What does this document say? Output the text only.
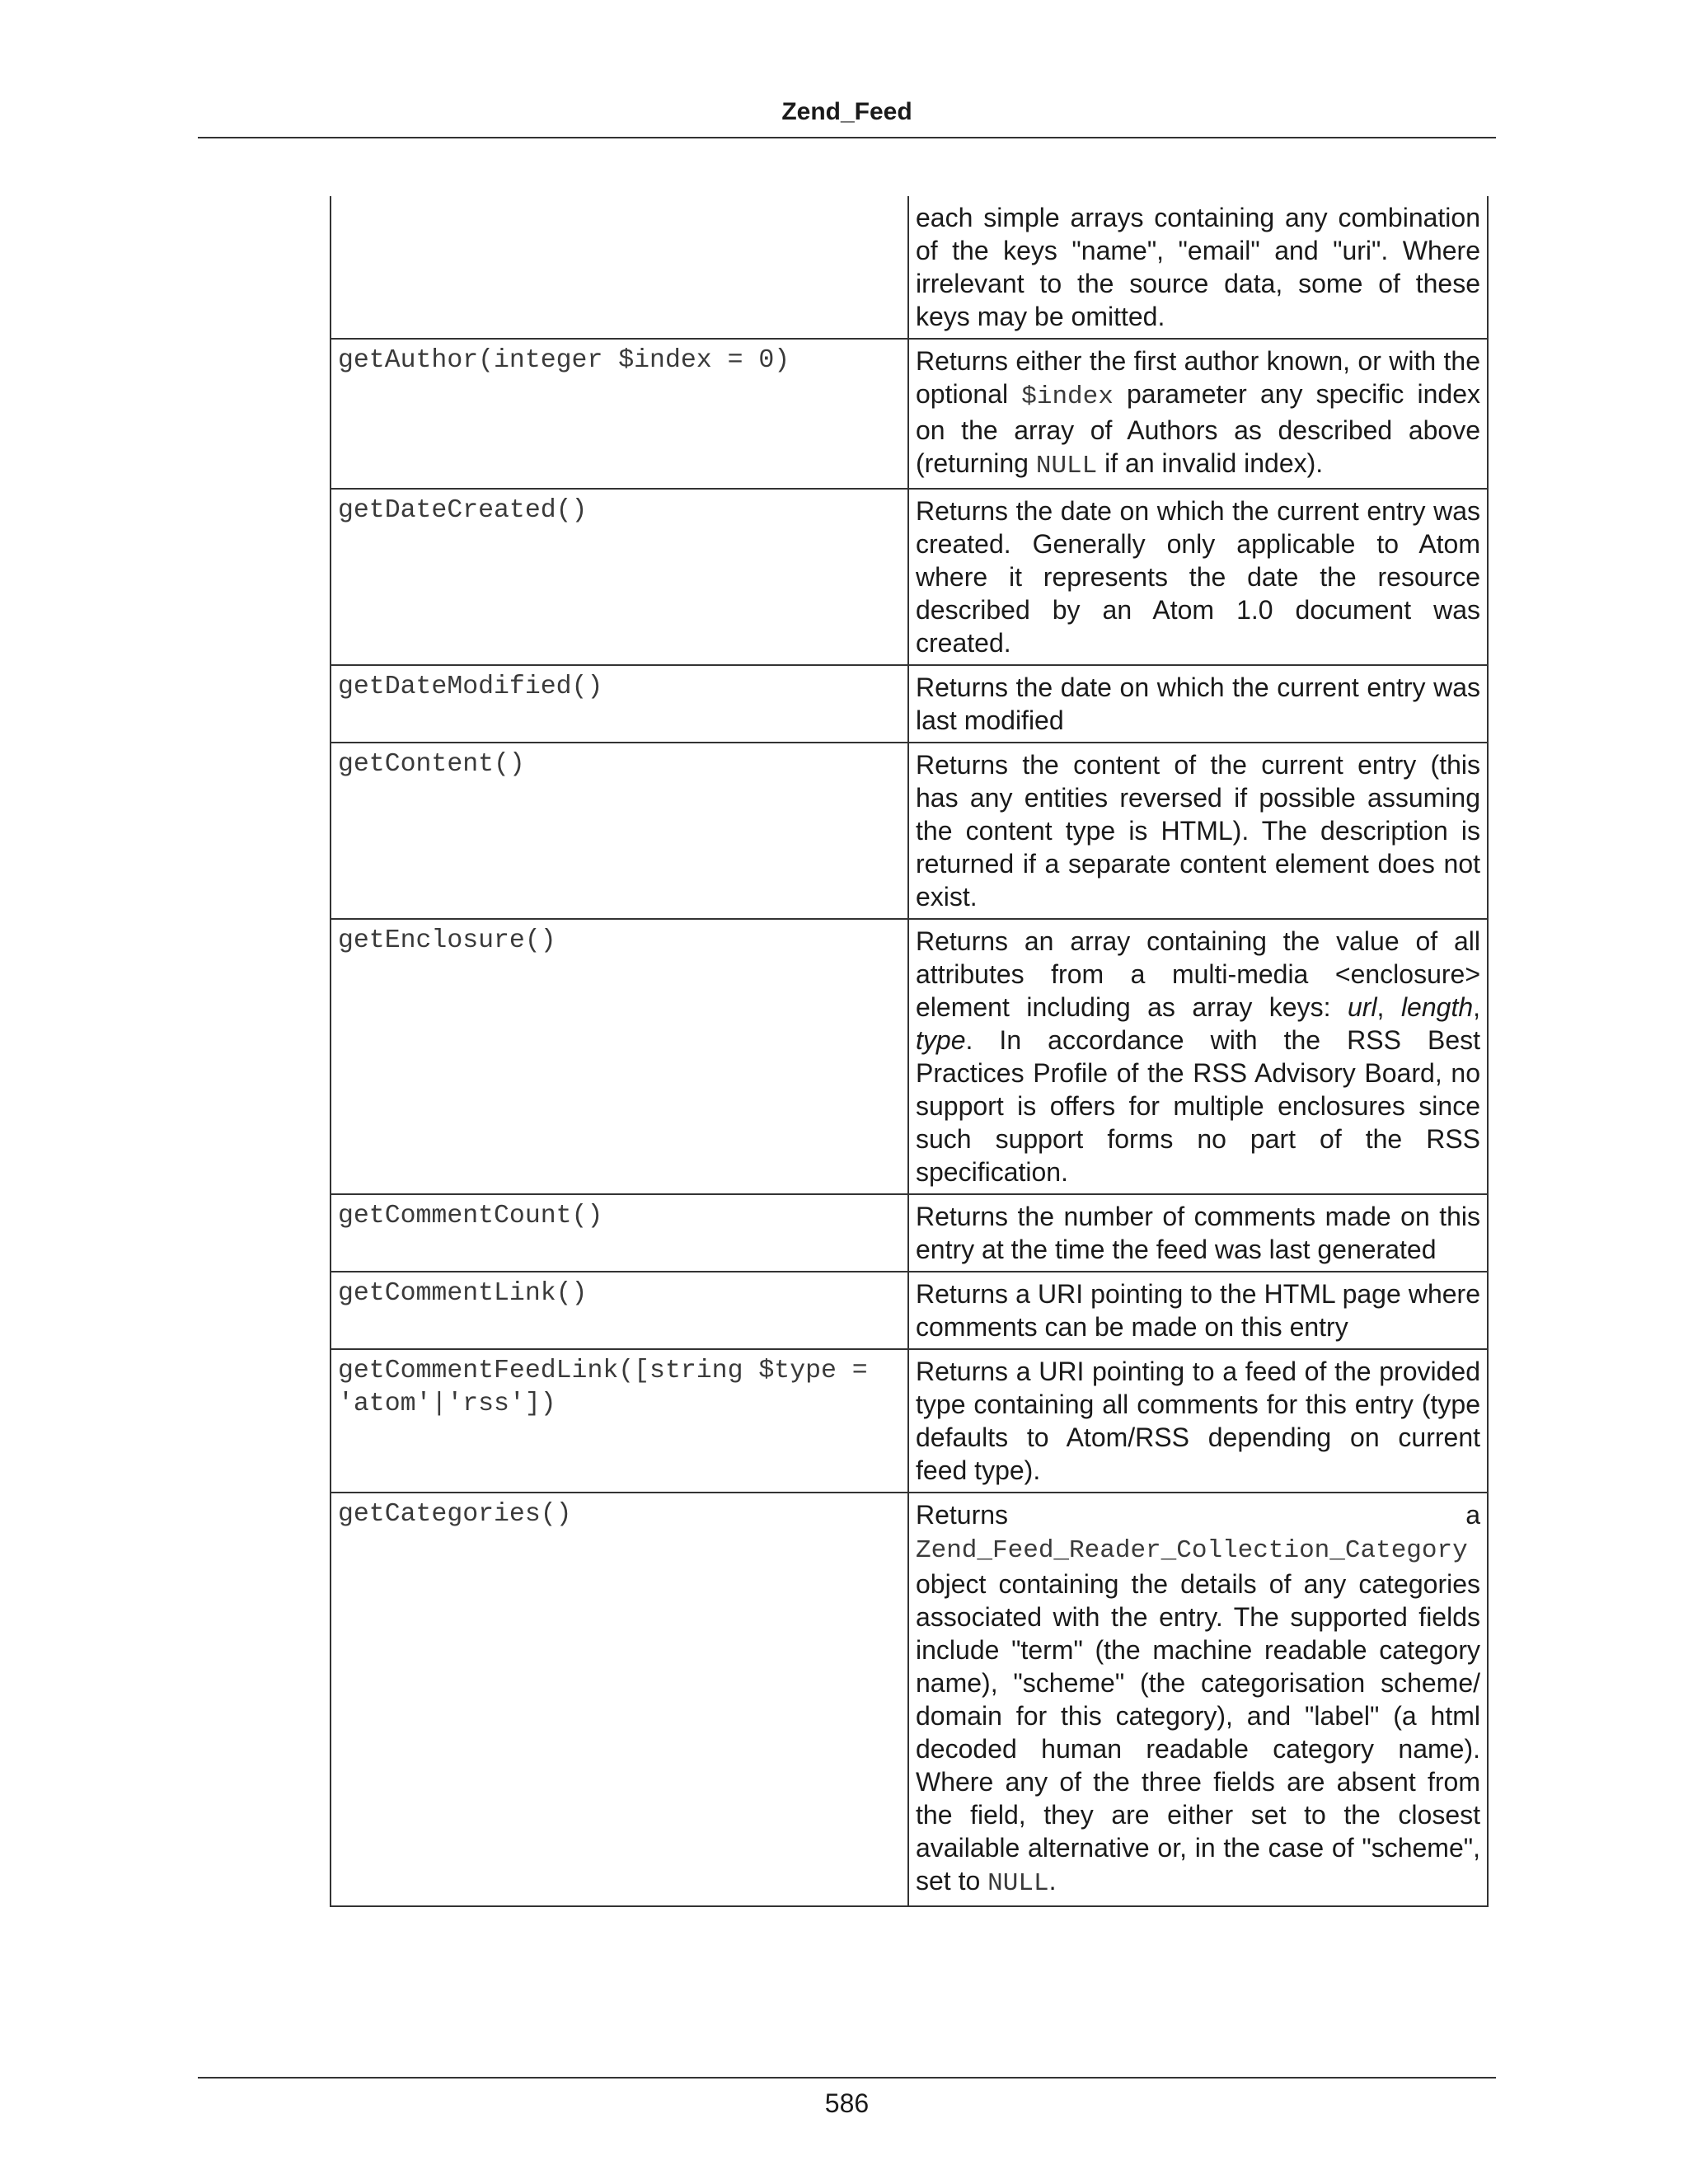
Zend_Feed
	each simple arrays containing any combination of the keys "name", "email" and "uri". Where irrelevant to the source data, some of these keys may be omitted.
getAuthor(integer $index = 0)	Returns either the first author known, or with the optional $index parameter any specific index on the array of Authors as described above (returning NULL if an invalid index).
getDateCreated()	Returns the date on which the current entry was created. Generally only applicable to Atom where it represents the date the resource described by an Atom 1.0 document was created.
getDateModified()	Returns the date on which the current entry was last modified
getContent()	Returns the content of the current entry (this has any entities reversed if possible assuming the content type is HTML). The description is returned if a separate content element does not exist.
getEnclosure()	Returns an array containing the value of all attributes from a multi-media <enclosure> element including as array keys: url, length, type. In accordance with the RSS Best Practices Profile of the RSS Advisory Board, no support is offers for multiple enclosures since such support forms no part of the RSS specification.
getCommentCount()	Returns the number of comments made on this entry at the time the feed was last generated
getCommentLink()	Returns a URI pointing to the HTML page where comments can be made on this entry
getCommentFeedLink([string $type = 'atom'|'rss'])	Returns a URI pointing to a feed of the provided type containing all comments for this entry (type defaults to Atom/RSS depending on current feed type).
getCategories()	Returns a
Zend_Feed_Reader_Collection_Category
object containing the details of any categories associated with the entry. The supported fields include "term" (the machine readable category name), "scheme" (the categorisation scheme/ domain for this category), and "label" (a html decoded human readable category name). Where any of the three fields are absent from the field, they are either set to the closest available alternative or, in the case of "scheme", set to NULL.
586
